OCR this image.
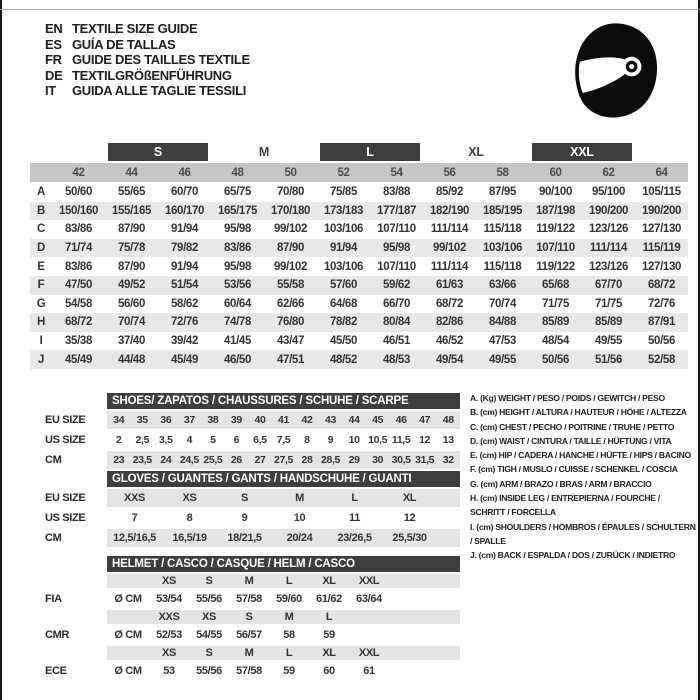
EN TEXTILE SIZE GUIDE
ES GUÍA DE TALLAS
FR GUIDE DES TAILLES TEXTILE
DE TEXTILGRÖßENFÜHRUNG
IT	GUIDA ALLE TAGLIE TESSILI

		S		M		L		XL		XXL		

	42	44	46	48	50	52	54	56	58	60	62	64
A	50/60	55/65	60/70	65/75	70/80	75/85	83/88	85/92	87/95	90/100	95/100	105/115
B	150/160	155/165	160/170	165/175	170/180	173/183	177/187	182/190	185/195	187/198	190/200	190/200
C	83/86	87/90	91/94	95/98	99/102	103/106	107/110	111/114	115/118	119/122	123/126	127/130
D	71/74	75/78	79/82	83/86	87/90	91/94	95/98	99/102	103/106	107/110	111/114	115/119
E	83/86	87/90	91/94	95/98	99/102	103/106	107/110	111/114	115/118	119/122	123/126	127/130
F	47/50	49/52	51/54	53/56	55/58	57/60	59/62	61/63	63/66	65/68	67/70	68/72
G	54/58	56/60	58/62	60/64	62/66	64/68	66/70	68/72	70/74	71/75	71/75	72/76
H	68/72	70/74	72/76	74/78	76/80	78/82	80/84	82/86	84/88	85/89	85/89	87/91
I	35/38	37/40	39/42	41/45	43/47	45/50	46/51	46/52	47/53	48/54	49/55	50/56
J	45/49	44/48	45/49	46/50	47/51	48/52	48/53	49/54	49/55	50/56	51/56	52/58
	SHOES/ ZAPATOS / CHAUSSURES / SCHUHE / SCARPE														
EU SIZE	34	35	36	37	38	39	40	41	42	43	44	45	46	47	48
US SIZE	2	2,5	3,5	4	5	6	6,5	7,5	8	9	10	10,5	11,5	12	13
CM	23	23,5	24	24,5	25,5	26	27	27,5	28	28,5	29	30	30,5	31,5	32
	GLOVES / GUANTES / GANTS / HANDSCHUHE / GUANTI						
EU SIZE	XXS	XS	S	M	L	XL	
US SIZE	7	8	9	10	11	12	
CM	12,5/16,5	16,5/19	18/21,5	20/24	23/26,5	25,5/30	
	HELMET / CASCO / CASQUE / HELM / CASCO							
		XS	S	M	L	XL	XXL	
FIA	Ø CM	53/54	55/56	57/58	59/60	61/62	63/64	
		XXS	XS	S	M	L		
CMR	Ø CM	52/53	54/55	56/57	58	59		
		XS	S	M	L	XL	XXL	
ECE	Ø CM	53	55/56	57/58	59	60	61	
A. (Kg) WEIGHT / PESO / POIDS / GEWITCH / PESO
B. (cm) HEIGHT / ALTURA / HAUTEUR / HÖHE / ALTEZZA
C. (cm) CHEST / PECHO / POITRINE / TRUHE / PETTO
D. (cm) WAIST / CINTURA / TAILLE / HÜFTUNG / VITA
E. (cm) HIP / CADERA / HANCHE / HÜFTE / HIPS / BACINO
F. (cm) TIGH / MUSLO / CUISSE / SCHENKEL / COSCIA
G. (cm) ARM / BRAZO / BRAS / ARM / BRACCIO
H. (cm) INSIDE LEG / ENTREPIERNA / FOURCHE / SCHRITT / FORCELLA
I. (cm) SHOULDERS / HOMBROS / ÉPAULES / SCHULTERN / SPALLE
J. (cm) BACK / ESPALDA / DOS / ZURÜCK / INDIETRO
